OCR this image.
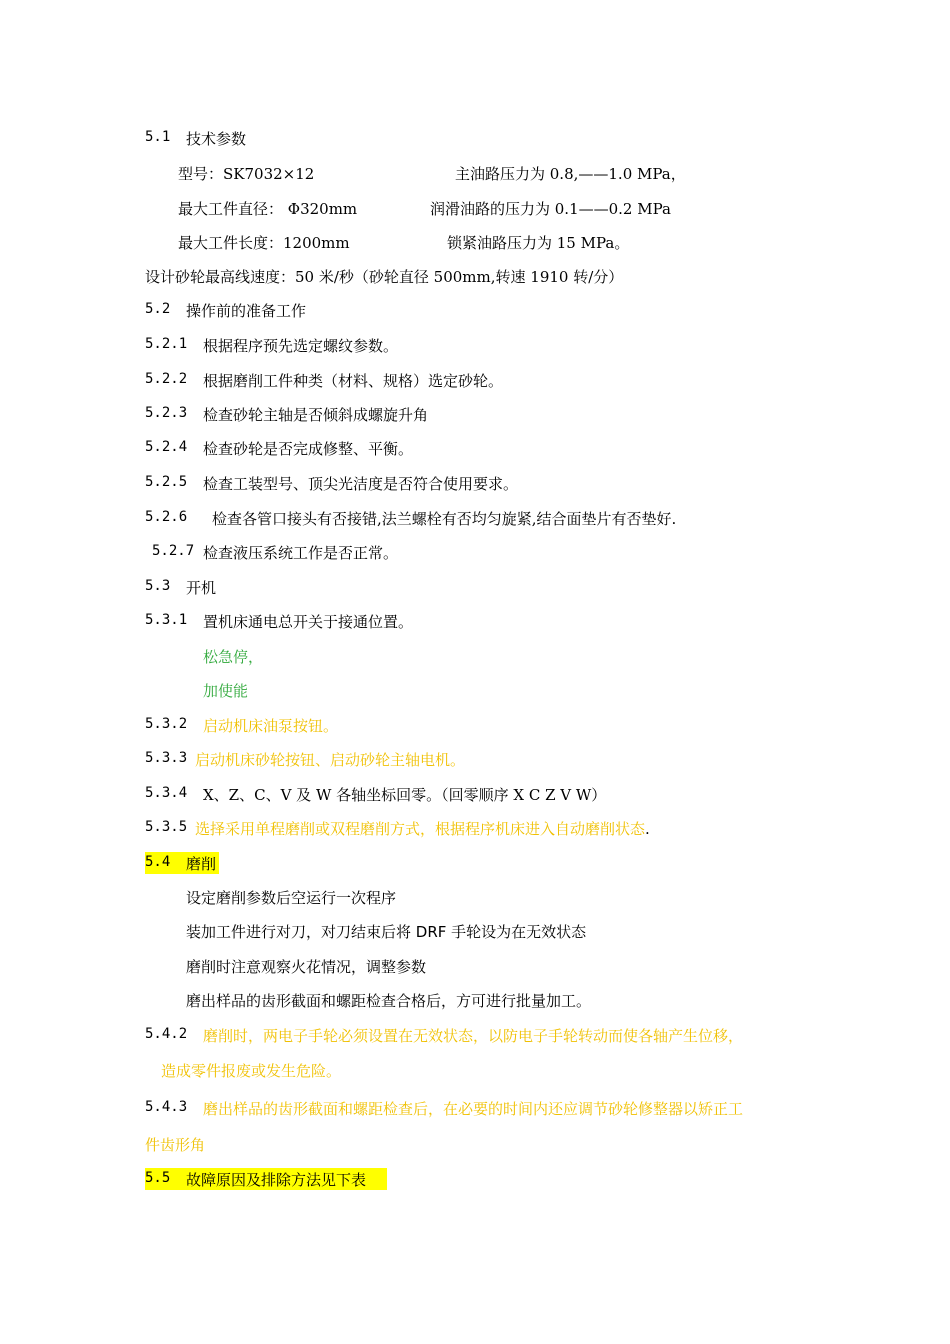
5.1 技术参数
型号：SK7032×12	主油路压力为 0.8,——1.0 MPa，
最大工件直径： Φ320mm	润滑油路的压力为 0.1——0.2 MPa
最大工件长度：1200mm	锁紧油路压力为 15 MPa。
设计砂轮最高线速度：50 米/秒（砂轮直径 500mm,转速 1910 转/分）
5.2 操作前的准备工作
5.2.1 根据程序预先选定螺纹参数。
5.2.2 根据磨削工件种类（材料、规格）选定砂轮。
5.2.3 检查砂轮主轴是否倾斜成螺旋升角
5.2.4 检查砂轮是否完成修整、平衡。
5.2.5 检查工装型号、顶尖光洁度是否符合使用要求。
5.2.6 检查各管口接头有否接错,法兰螺栓有否均匀旋紧,结合面垫片有否垫好.
5.2.7 检查液压系统工作是否正常。
5.3 开机
5.3.1 置机床通电总开关于接通位置。
松急停，
加使能
5.3.2 启动机床油泵按钮。
5.3.3 启动机床砂轮按钮、启动砂轮主轴电机。
5.3.4 X、Z、C、V 及 W 各轴坐标回零。（回零顺序 X C Z V W）
5.3.5 选择采用单程磨削或双程磨削方式，根据程序机床进入自动磨削状态.
5.4 磨削
设定磨削参数后空运行一次程序
装加工件进行对刀，对刀结束后将 DRF 手轮设为在无效状态
磨削时注意观察火花情况，调整参数
磨出样品的齿形截面和螺距检查合格后，方可进行批量加工。
5.4.2 磨削时，两电子手轮必须设置在无效状态，以防电子手轮转动而使各轴产生位移，
造成零件报废或发生危险。
5.4.3 磨出样品的齿形截面和螺距检查后，在必要的时间内还应调节砂轮修整器以矫正工
件齿形角
5.5 故障原因及排除方法见下表
